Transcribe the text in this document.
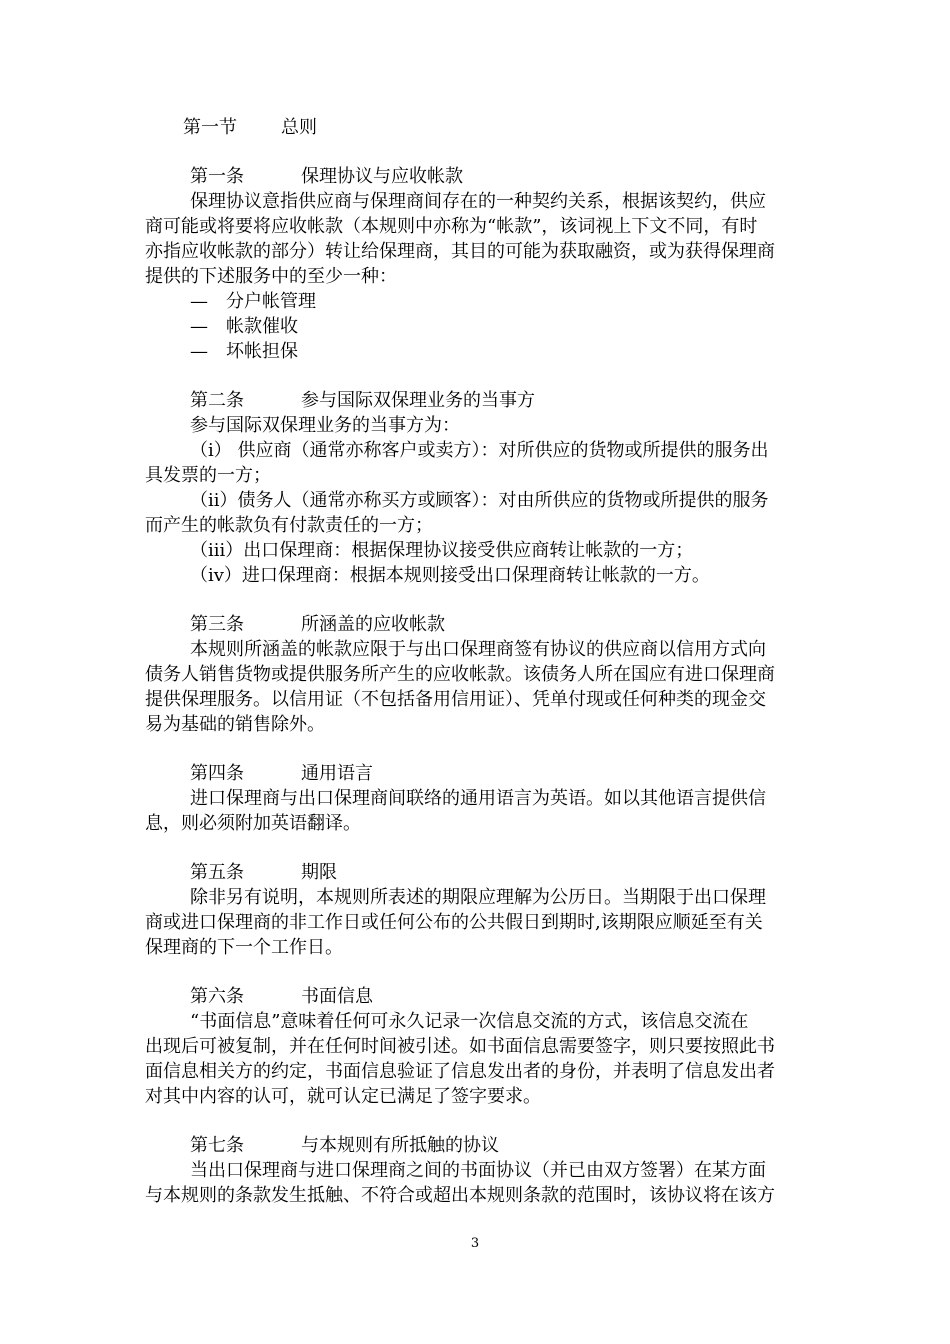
第一节 总则

第一条	保理协议与应收帐款

保理协议意指供应商与保理商间存在的一种契约关系，根据该契约，供应

商可能或将要将应收帐款（本规则中亦称为“帐款”，该词视上下文不同，有时

亦指应收帐款的部分）转让给保理商，其目的可能为获取融资，或为获得保理商

提供的下述服务中的至少一种：

— 分户帐管理

— 帐款催收

— 坏帐担保

第二条	参与国际双保理业务的当事方

参与国际双保理业务的当事方为：

（i） 供应商（通常亦称客户或卖方）：对所供应的货物或所提供的服务出

具发票的一方；

（ii）债务人（通常亦称买方或顾客）：对由所供应的货物或所提供的服务

而产生的帐款负有付款责任的一方；

（iii）出口保理商：根据保理协议接受供应商转让帐款的一方；

（iv）进口保理商：根据本规则接受出口保理商转让帐款的一方。

第三条	所涵盖的应收帐款

本规则所涵盖的帐款应限于与出口保理商签有协议的供应商以信用方式向

债务人销售货物或提供服务所产生的应收帐款。该债务人所在国应有进口保理商

提供保理服务。以信用证（不包括备用信用证）、凭单付现或任何种类的现金交

易为基础的销售除外。

第四条	通用语言

进口保理商与出口保理商间联络的通用语言为英语。如以其他语言提供信

息，则必须附加英语翻译。

第五条	期限

除非另有说明，本规则所表述的期限应理解为公历日。当期限于出口保理

商或进口保理商的非工作日或任何公布的公共假日到期时,该期限应顺延至有关

保理商的下一个工作日。

第六条	书面信息

“书面信息”意味着任何可永久记录一次信息交流的方式，该信息交流在

出现后可被复制，并在任何时间被引述。如书面信息需要签字，则只要按照此书

面信息相关方的约定，书面信息验证了信息发出者的身份，并表明了信息发出者

对其中内容的认可，就可认定已满足了签字要求。

第七条	与本规则有所抵触的协议

当出口保理商与进口保理商之间的书面协议（并已由双方签署）在某方面

与本规则的条款发生抵触、不符合或超出本规则条款的范围时，该协议将在该方

3
